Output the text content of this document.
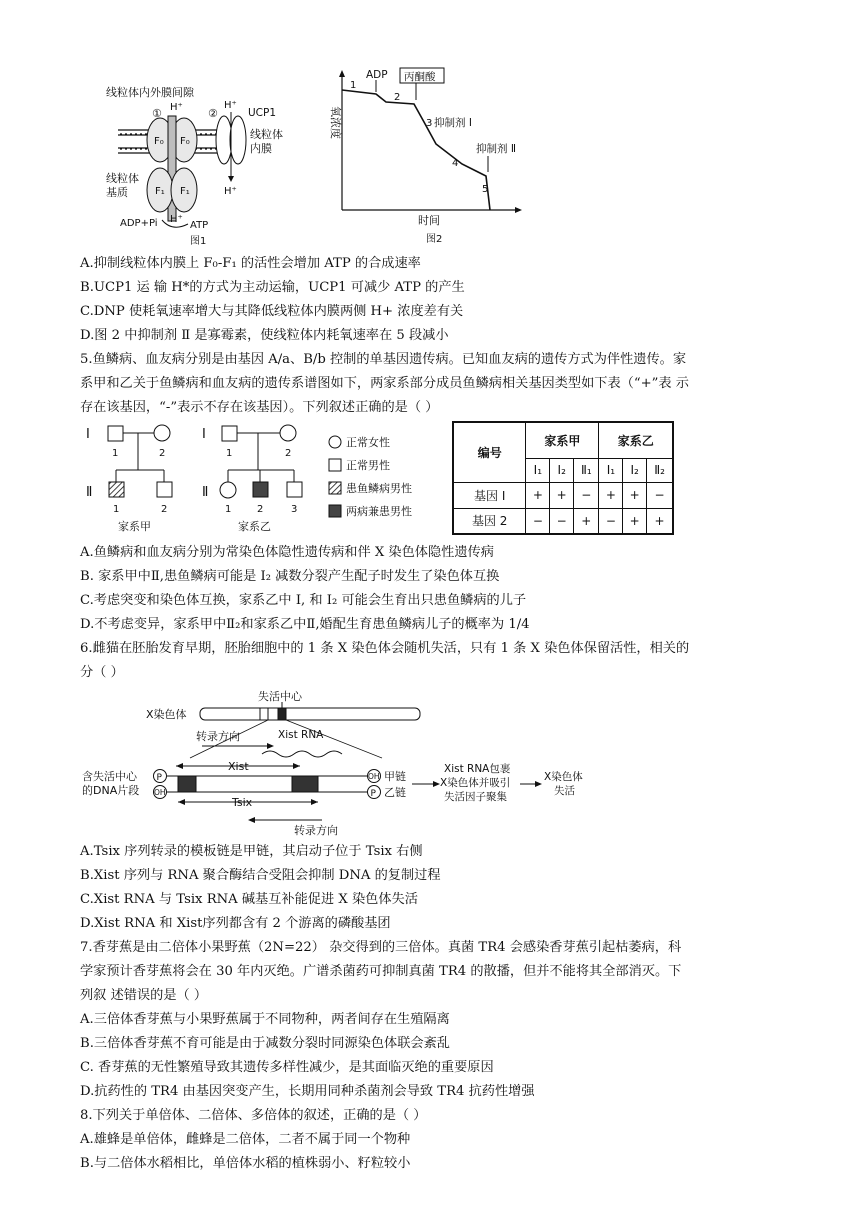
线粒体内外膜间隙
F₀ F₀
F₁ F₁
① H⁺ ②
H⁺
UCP1
线粒体
内膜
H⁺
线粒体
基质
ADP+Pi H⁺
ATP
图1
氧浓度
时间
ADP 丙酮酸
1
2
3 抑制剂 Ⅰ
4
抑制剂 Ⅱ
5
图2
A.抑制线粒体内膜上 F₀-F₁ 的活性会增加 ATP 的合成速率
B.UCP1 运 输 H*的方式为主动运输，UCP1 可减少 ATP 的产生
C.DNP 使耗氧速率增大与其降低线粒体内膜两侧 H+ 浓度差有关
D.图 2 中抑制剂 Ⅱ 是寡霉素，使线粒体内耗氧速率在 5 段减小
5.鱼鳞病、血友病分别是由基因 A/a、B/b 控制的单基因遗传病。已知血友病的遗传方式为伴性遗传。家
系甲和乙关于鱼鳞病和血友病的遗传系谱图如下，两家系部分成员鱼鳞病相关基因类型如下表（“+”表 示
存在该基因，“-”表示不存在该基因）。下列叙述正确的是（ ）
Ⅰ
1	2
Ⅱ
1	2
家系甲
Ⅰ
1	2
Ⅱ
1	2	3
家系乙
正常女性
正常男性
患鱼鳞病男性
两病兼患男性
编号	家系甲			家系乙		
	Ⅰ₁	Ⅰ₂	Ⅱ₁	Ⅰ₁	Ⅰ₂	Ⅱ₂
基因 Ⅰ	+	+	−	+	+	−
基因 2	−	−	+	−	+	+
A.鱼鳞病和血友病分别为常染色体隐性遗传病和伴 X 染色体隐性遗传病
B. 家系甲中Ⅱ,患鱼鳞病可能是 I₂ 减数分裂产生配子时发生了染色体互换
C.考虑突变和染色体互换，家系乙中 I, 和 I₂ 可能会生育出只患鱼鳞病的儿子
D.不考虑变异，家系甲中Ⅱ₂和家系乙中Ⅱ,婚配生育患鱼鳞病儿子的概率为 1/4
6.雌猫在胚胎发育早期，胚胎细胞中的 1 条 X 染色体会随机失活，只有 1 条 X 染色体保留活性，相关的
分（ ）
失活中心
X染色体
转录方向	Xist RNA
Xist
含失活中心
的DNA片段
P
OH
OH
P
甲链
乙链
Tsix
转录方向
Xist RNA包裹
X染色体并吸引
失活因子聚集
X染色体
失活
A.Tsix 序列转录的模板链是甲链，其启动子位于 Tsix 右侧
B.Xist 序列与 RNA 聚合酶结合受阻会抑制 DNA 的复制过程
C.Xist RNA 与 Tsix RNA 碱基互补能促进 X 染色体失活
D.Xist RNA 和 Xist序列都含有 2 个游离的磷酸基团
7.香芽蕉是由二倍体小果野蕉（2N=22） 杂交得到的三倍体。真菌 TR4 会感染香芽蕉引起枯萎病，科
学家预计香芽蕉将会在 30 年内灭绝。广谱杀菌药可抑制真菌 TR4 的散播，但并不能将其全部消灭。下
列叙 述错误的是（ ）
A.三倍体香芽蕉与小果野蕉属于不同物种，两者间存在生殖隔离
B.三倍体香芽蕉不育可能是由于减数分裂时同源染色体联会紊乱
C. 香芽蕉的无性繁殖导致其遗传多样性减少，是其面临灭绝的重要原因
D.抗药性的 TR4 由基因突变产生，长期用同种杀菌剂会导致 TR4 抗药性增强
8.下列关于单倍体、二倍体、多倍体的叙述，正确的是（ ）
A.雄蜂是单倍体，雌蜂是二倍体，二者不属于同一个物种
B.与二倍体水稻相比，单倍体水稻的植株弱小、籽粒较小
